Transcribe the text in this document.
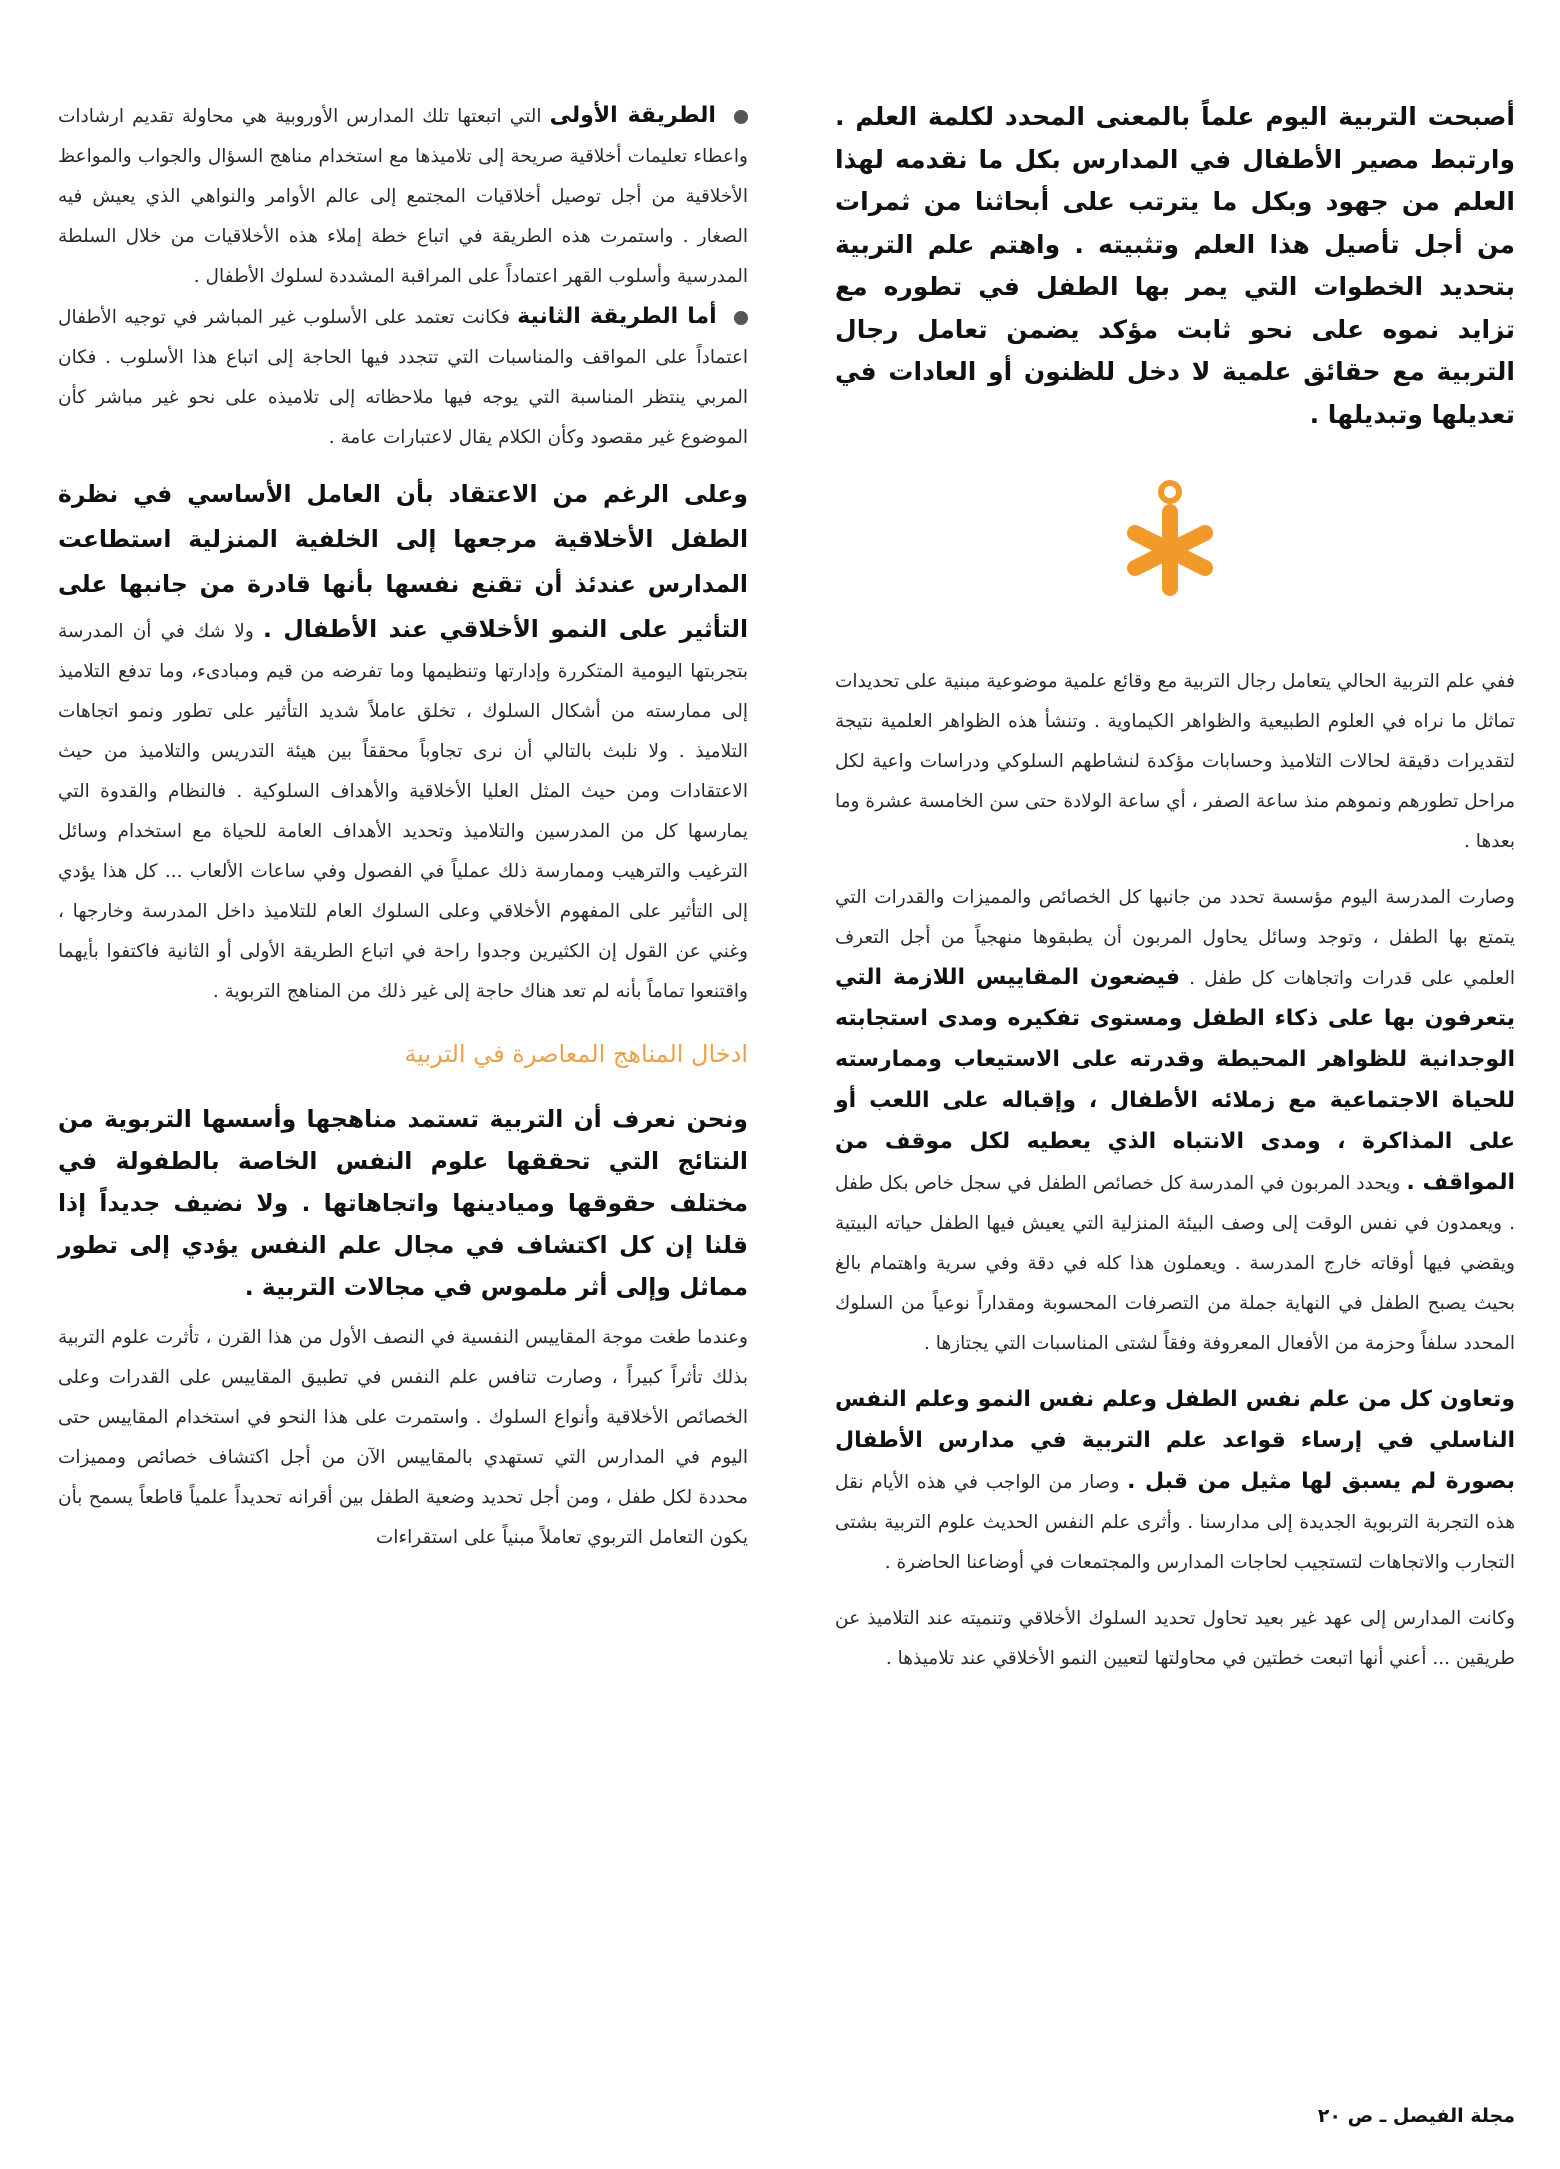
أصبحت التربية اليوم علماً بالمعنى المحدد لكلمة العلم . وارتبط مصير الأطفال في المدارس بكل ما نقدمه لهذا العلم من جهود وبكل ما يترتب على أبحاثنا من ثمرات من أجل تأصيل هذا العلم وتثبيته . واهتم علم التربية بتحديد الخطوات التي يمر بها الطفل في تطوره مع تزايد نموه على نحو ثابت مؤكد يضمن تعامل رجال التربية مع حقائق علمية لا دخل للظنون أو العادات في تعديلها وتبديلها .

ففي علم التربية الحالي يتعامل رجال التربية مع وقائع علمية موضوعية مبنية على تحديدات تماثل ما نراه في العلوم الطبيعية والظواهر الكيماوية . وتنشأ هذه الظواهر العلمية نتيجة لتقديرات دقيقة لحالات التلاميذ وحسابات مؤكدة لنشاطهم السلوكي ودراسات واعية لكل مراحل تطورهم ونموهم منذ ساعة الصفر ، أي ساعة الولادة حتى سن الخامسة عشرة وما بعدها .

وصارت المدرسة اليوم مؤسسة تحدد من جانبها كل الخصائص والمميزات والقدرات التي يتمتع بها الطفل ، وتوجد وسائل يحاول المربون أن يطبقوها منهجياً من أجل التعرف العلمي على قدرات واتجاهات كل طفل . فيضعون المقاييس اللازمة التي يتعرفون بها على ذكاء الطفل ومستوى تفكيره ومدى استجابته الوجدانية للظواهر المحيطة وقدرته على الاستيعاب وممارسته للحياة الاجتماعية مع زملائه الأطفال ، وإقباله على اللعب أو على المذاكرة ، ومدى الانتباه الذي يعطيه لكل موقف من المواقف . ويحدد المربون في المدرسة كل خصائص الطفل في سجل خاص بكل طفل . ويعمدون في نفس الوقت إلى وصف البيئة المنزلية التي يعيش فيها الطفل حياته البيتية ويقضي فيها أوقاته خارج المدرسة . ويعملون هذا كله في دقة وفي سرية واهتمام بالغ بحيث يصبح الطفل في النهاية جملة من التصرفات المحسوبة ومقداراً نوعياً من السلوك المحدد سلفاً وحزمة من الأفعال المعروفة وفقاً لشتى المناسبات التي يجتازها .

وتعاون كل من علم نفس الطفل وعلم نفس النمو وعلم النفس الناسلي في إرساء قواعد علم التربية في مدارس الأطفال بصورة لم يسبق لها مثيل من قبل . وصار من الواجب في هذه الأيام نقل هذه التجربة التربوية الجديدة إلى مدارسنا . وأثرى علم النفس الحديث علوم التربية بشتى التجارب والاتجاهات لتستجيب لحاجات المدارس والمجتمعات في أوضاعنا الحاضرة .

وكانت المدارس إلى عهد غير بعيد تحاول تحديد السلوك الأخلاقي وتنميته عند التلاميذ عن طريقين ... أعني أنها اتبعت خطتين في محاولتها لتعيين النمو الأخلاقي عند تلاميذها .

الطريقة الأولى التي اتبعتها تلك المدارس الأوروبية هي محاولة تقديم ارشادات واعطاء تعليمات أخلاقية صريحة إلى تلاميذها مع استخدام مناهج السؤال والجواب والمواعظ الأخلاقية من أجل توصيل أخلاقيات المجتمع إلى عالم الأوامر والنواهي الذي يعيش فيه الصغار . واستمرت هذه الطريقة في اتباع خطة إملاء هذه الأخلاقيات من خلال السلطة المدرسية وأسلوب القهر اعتماداً على المراقبة المشددة لسلوك الأطفال .

أما الطريقة الثانية فكانت تعتمد على الأسلوب غير المباشر في توجيه الأطفال اعتماداً على المواقف والمناسبات التي تتجدد فيها الحاجة إلى اتباع هذا الأسلوب . فكان المربي ينتظر المناسبة التي يوجه فيها ملاحظاته إلى تلاميذه على نحو غير مباشر كأن الموضوع غير مقصود وكأن الكلام يقال لاعتبارات عامة .

وعلى الرغم من الاعتقاد بأن العامل الأساسي في نظرة الطفل الأخلاقية مرجعها إلى الخلفية المنزلية استطاعت المدارس عندئذ أن تقنع نفسها بأنها قادرة من جانبها على التأثير على النمو الأخلاقي عند الأطفال . ولا شك في أن المدرسة بتجربتها اليومية المتكررة وإدارتها وتنظيمها وما تفرضه من قيم ومبادىء، وما تدفع التلاميذ إلى ممارسته من أشكال السلوك ، تخلق عاملاً شديد التأثير على تطور ونمو اتجاهات التلاميذ . ولا نلبث بالتالي أن نرى تجاوباً محققاً بين هيئة التدريس والتلاميذ من حيث الاعتقادات ومن حيث المثل العليا الأخلاقية والأهداف السلوكية . فالنظام والقدوة التي يمارسها كل من المدرسين والتلاميذ وتحديد الأهداف العامة للحياة مع استخدام وسائل الترغيب والترهيب وممارسة ذلك عملياً في الفصول وفي ساعات الألعاب ... كل هذا يؤدي إلى التأثير على المفهوم الأخلاقي وعلى السلوك العام للتلاميذ داخل المدرسة وخارجها ، وغني عن القول إن الكثيرين وجدوا راحة في اتباع الطريقة الأولى أو الثانية فاكتفوا بأيهما واقتنعوا تماماً بأنه لم تعد هناك حاجة إلى غير ذلك من المناهج التربوية .

ادخال المناهج المعاصرة في التربية

ونحن نعرف أن التربية تستمد مناهجها وأسسها التربوية من النتائج التي تحققها علوم النفس الخاصة بالطفولة في مختلف حقوقها وميادينها واتجاهاتها . ولا نضيف جديداً إذا قلنا إن كل اكتشاف في مجال علم النفس يؤدي إلى تطور مماثل وإلى أثر ملموس في مجالات التربية .

وعندما طغت موجة المقاييس النفسية في النصف الأول من هذا القرن ، تأثرت علوم التربية بذلك تأثراً كبيراً ، وصارت تنافس علم النفس في تطبيق المقاييس على القدرات وعلى الخصائص الأخلاقية وأنواع السلوك . واستمرت على هذا النحو في استخدام المقاييس حتى اليوم في المدارس التي تستهدي بالمقاييس الآن من أجل اكتشاف خصائص ومميزات محددة لكل طفل ، ومن أجل تحديد وضعية الطفل بين أقرانه تحديداً علمياً قاطعاً يسمح بأن يكون التعامل التربوي تعاملاً مبنياً على استقراءات

مجلة الفيصل ـ ص ٢٠
